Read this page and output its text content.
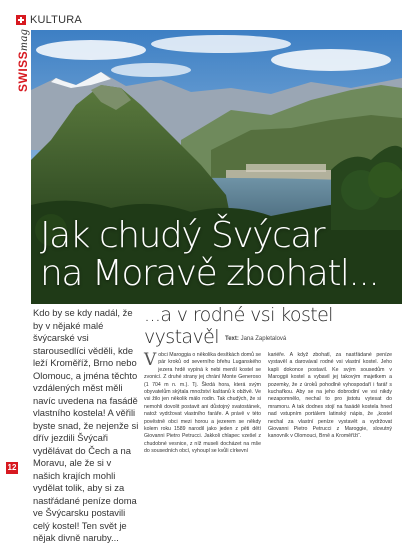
KULTURA
SWISSmag
Jak chudý Švýcar
na Moravě zbohatl...

Kdo by se kdy nadál, že by v nějaké malé švýcarské vsi starousedlíci věděli, kde leží Kroměříž, Brno nebo Olomouc, a jména těchto vzdálených měst měli navíc uvedena na fasádě vlastního kostela! A věřili byste snad, že nejenže si dřív jezdili Švýcaři vydělávat do Čech a na Moravu, ale že si v našich krajích mohli vydělat tolik, aby si za nastřádané peníze doma ve Švýcarsku postavili celý kostel! Ten svět je nějak divně naruby...

...a v rodné vsi kostel
vystavěl	Text: Jana Zapletalová

Vobci Maroggia o několika desítkách domů se pár kroků od severního břehu Luganského jezera hrdě vypíná k nebi menší kostel se zvonicí. Z druhé strany jej chrání Monte Generoso (1 704 m n. m.). Tj. Škrdá hora, která svým obyvatelům skýtala množství kaštanů k obživě. Ve vsi žilo jen několik málo rodin. Tak chudých, že si nemohli dovolit postavit ani důstojný svatostánek, natož vydržovat vlastního faráře. A právě v této pověstně obci mezi horou a jezerem se někdy kolem roku 1589 narodil jako jeden z pěti dětí Giovanni Pietro Petrucci. Jakkoli chlapec vzešel z chudobné vesnice, z níž museli docházet na mše do sousedních obcí, vyhoupl se kvůli církevní

kariéře. A když zbohatl, za nastřádané peníze vystavěl a darovával rodné vsi vlastní kostel. Jeho kapli dokonce postavil. Ke svým sousedům v Maroggii kostel a vybavil jej takovým majetkem a pozemky, že z úroků pohodlně vyhospodaří i farář s kuchařkou. Aby se na jeho dobrodiní ve vsi nikdy nezapomnělo, nechal to pro jistotu vytesat do mramoru. A tak dodnes stojí na fasádě kostela hned nad vstupním portálem latinský nápis, že „kostel nechal za vlastní peníze vystavět a vydržovat Giovanni Pietro Petrucci z Maroggie, slovutný kanovník v Olomouci, Brně a Kroměříži“.

12
